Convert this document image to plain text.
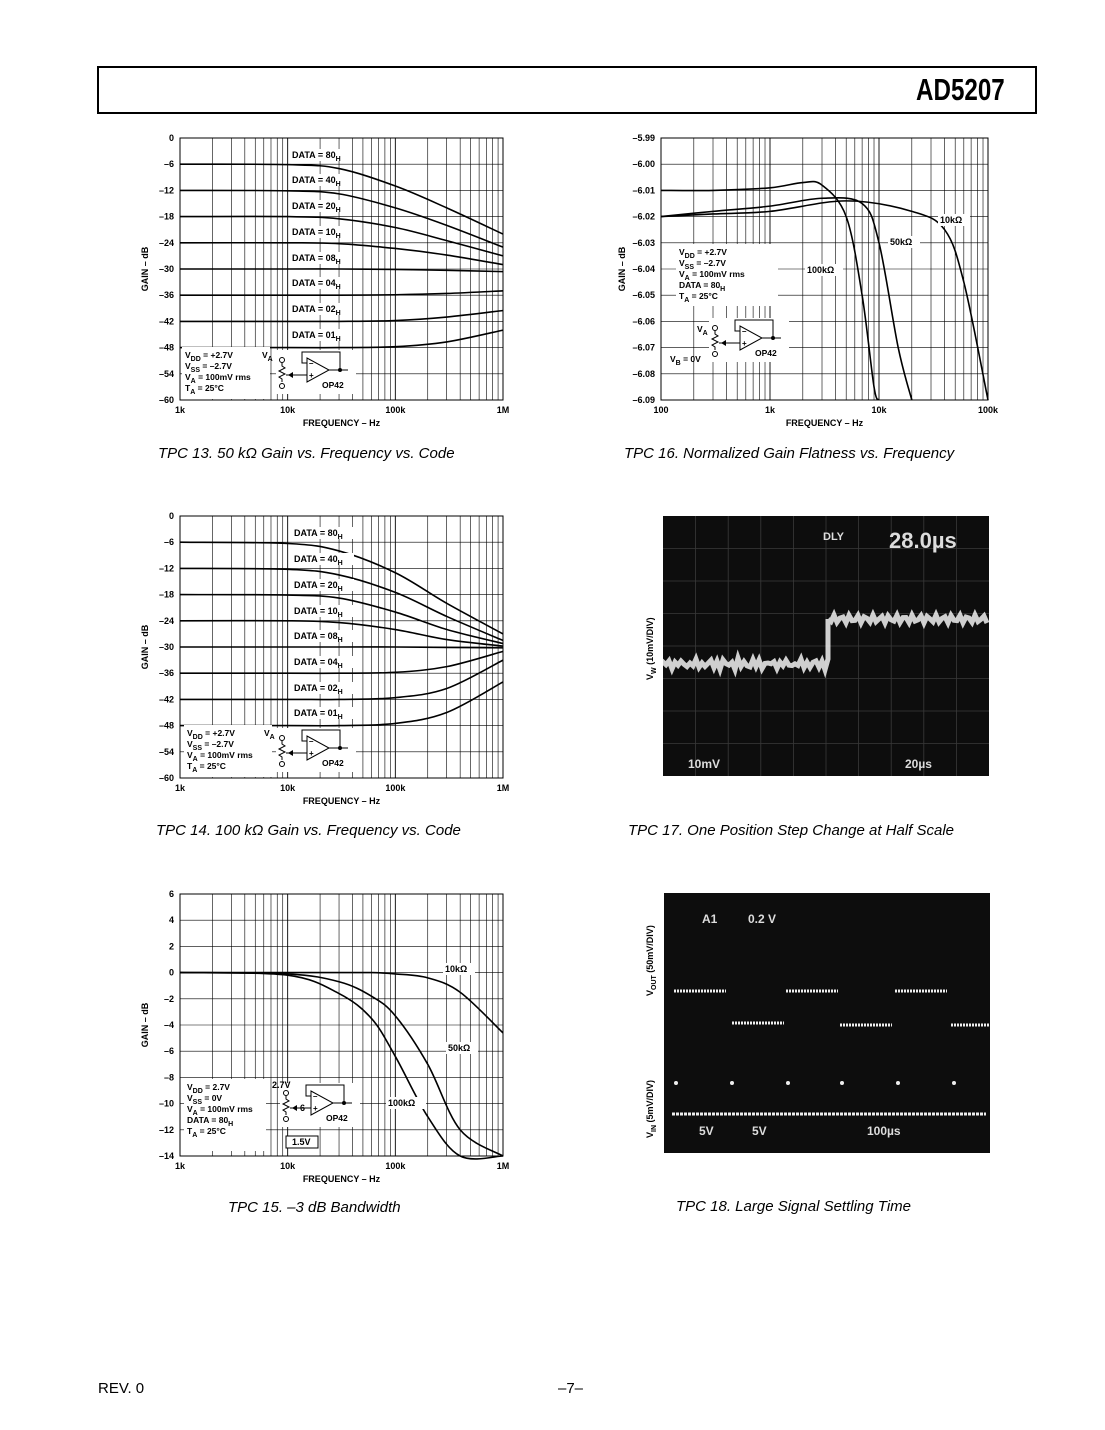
AD5207
0
–6
–12
–18
–24
–30
–36
–42
–48
–54
–60
1k	10k	100k	1M
FREQUENCY – Hz
GAIN – dB
DATA = $80_H$
DATA = $40_H$
DATA = $20_H$
DATA = $10_H$
DATA = $08_H$
DATA = $04_H$
DATA = $02_H$
DATA = $01_H$
$V_{DD} = +2.7V$
$V_{SS} = -2.7V$
$V_A = 100mV$ rms
$T_A = 25^\circ C$
–
+
OP42
$V_A$
TPC 13. 50 kΩ Gain vs. Frequency vs. Code
–5.99
–6.00
–6.01
–6.02
–6.03
–6.04
–6.05
–6.06
–6.07
–6.08
–6.09
100	1k	10k	100k
FREQUENCY – Hz
GAIN – dB	100kΩ
50kΩ
10kΩ
$V_{DD} = +2.7V$
$V_{SS} = -2.7V$
$V_A = 100mV$ rms
DATA = $80_H$
$T_A = 25^\circ C$
–
+
OP42
$V_A$
$V_B = 0V$
TPC 16. Normalized Gain Flatness vs. Frequency
0
–6
–12
–18
–24
–30
–36
–42
–48
–54
–60
1k	10k	100k	1M
FREQUENCY – Hz
GAIN – dB
DATA = $80_H$
DATA = $40_H$
DATA = $20_H$
DATA = $10_H$
DATA = $08_H$
DATA = $04_H$
DATA = $02_H$
DATA = $01_H$
$V_{DD} = +2.7V$
$V_{SS} = -2.7V$
$V_A = 100mV$ rms
$T_A = 25^\circ C$
–
+
OP42
$V_A$
TPC 14. 100 kΩ Gain vs. Frequency vs. Code
$V_W$ (10mV/DIV)
DLY 28.0µs
10mV	20µs
TPC 17. One Position Step Change at Half Scale
6
4
2
0
–2
–4
–6
–8
–10
–12
–14
1k	10k	100k	1M
FREQUENCY – Hz
GAIN – dB
10kΩ
50kΩ
100kΩ
$V_{DD} = 2.7V$
$V_{SS} = 0V$
$V_A = 100mV$ rms
DATA = $80_H$
$T_A = 25^\circ C$
–
+
OP42
2.7V
6
1.5V
TPC 15. –3 dB Bandwidth
$V_{OUT}$ (50mV/DIV)
$V_{IN}$ (5mV/DIV)
A1	0.2 V
5V	5V	100µs
TPC 18. Large Signal Settling Time
REV. 0	–7–
